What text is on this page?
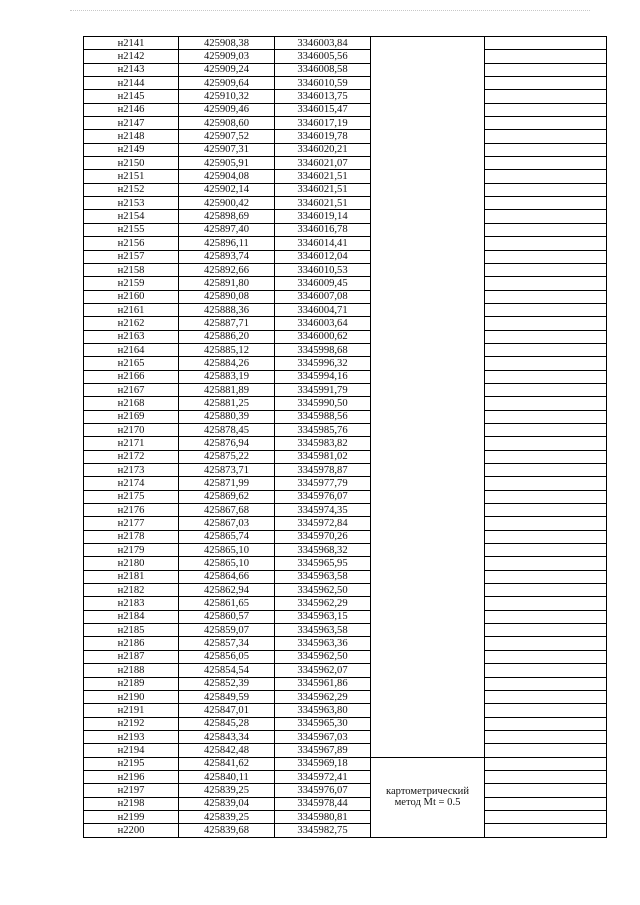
н2141	425908,38	3346003,84		
н2142	425909,03	3346005,56		
н2143	425909,24	3346008,58		
н2144	425909,64	3346010,59		
н2145	425910,32	3346013,75		
н2146	425909,46	3346015,47		
н2147	425908,60	3346017,19		
н2148	425907,52	3346019,78		
н2149	425907,31	3346020,21		
н2150	425905,91	3346021,07		
н2151	425904,08	3346021,51		
н2152	425902,14	3346021,51		
н2153	425900,42	3346021,51		
н2154	425898,69	3346019,14		
н2155	425897,40	3346016,78		
н2156	425896,11	3346014,41		
н2157	425893,74	3346012,04		
н2158	425892,66	3346010,53		
н2159	425891,80	3346009,45		
н2160	425890,08	3346007,08		
н2161	425888,36	3346004,71		
н2162	425887,71	3346003,64		
н2163	425886,20	3346000,62		
н2164	425885,12	3345998,68		
н2165	425884,26	3345996,32		
н2166	425883,19	3345994,16		
н2167	425881,89	3345991,79		
н2168	425881,25	3345990,50		
н2169	425880,39	3345988,56		
н2170	425878,45	3345985,76		
н2171	425876,94	3345983,82		
н2172	425875,22	3345981,02		
н2173	425873,71	3345978,87		
н2174	425871,99	3345977,79		
н2175	425869,62	3345976,07		
н2176	425867,68	3345974,35		
н2177	425867,03	3345972,84		
н2178	425865,74	3345970,26		
н2179	425865,10	3345968,32		
н2180	425865,10	3345965,95		
н2181	425864,66	3345963,58		
н2182	425862,94	3345962,50		
н2183	425861,65	3345962,29		
н2184	425860,57	3345963,15		
н2185	425859,07	3345963,58		
н2186	425857,34	3345963,36		
н2187	425856,05	3345962,50		
н2188	425854,54	3345962,07		
н2189	425852,39	3345961,86		
н2190	425849,59	3345962,29		
н2191	425847,01	3345963,80		
н2192	425845,28	3345965,30		
н2193	425843,34	3345967,03		
н2194	425842,48	3345967,89		
н2195	425841,62	3345969,18	картометрический
метод Mt = 0.5	

н2196	425840,11	3345972,41		
н2197	425839,25	3345976,07		
н2198	425839,04	3345978,44		
н2199	425839,25	3345980,81		
н2200	425839,68	3345982,75		
